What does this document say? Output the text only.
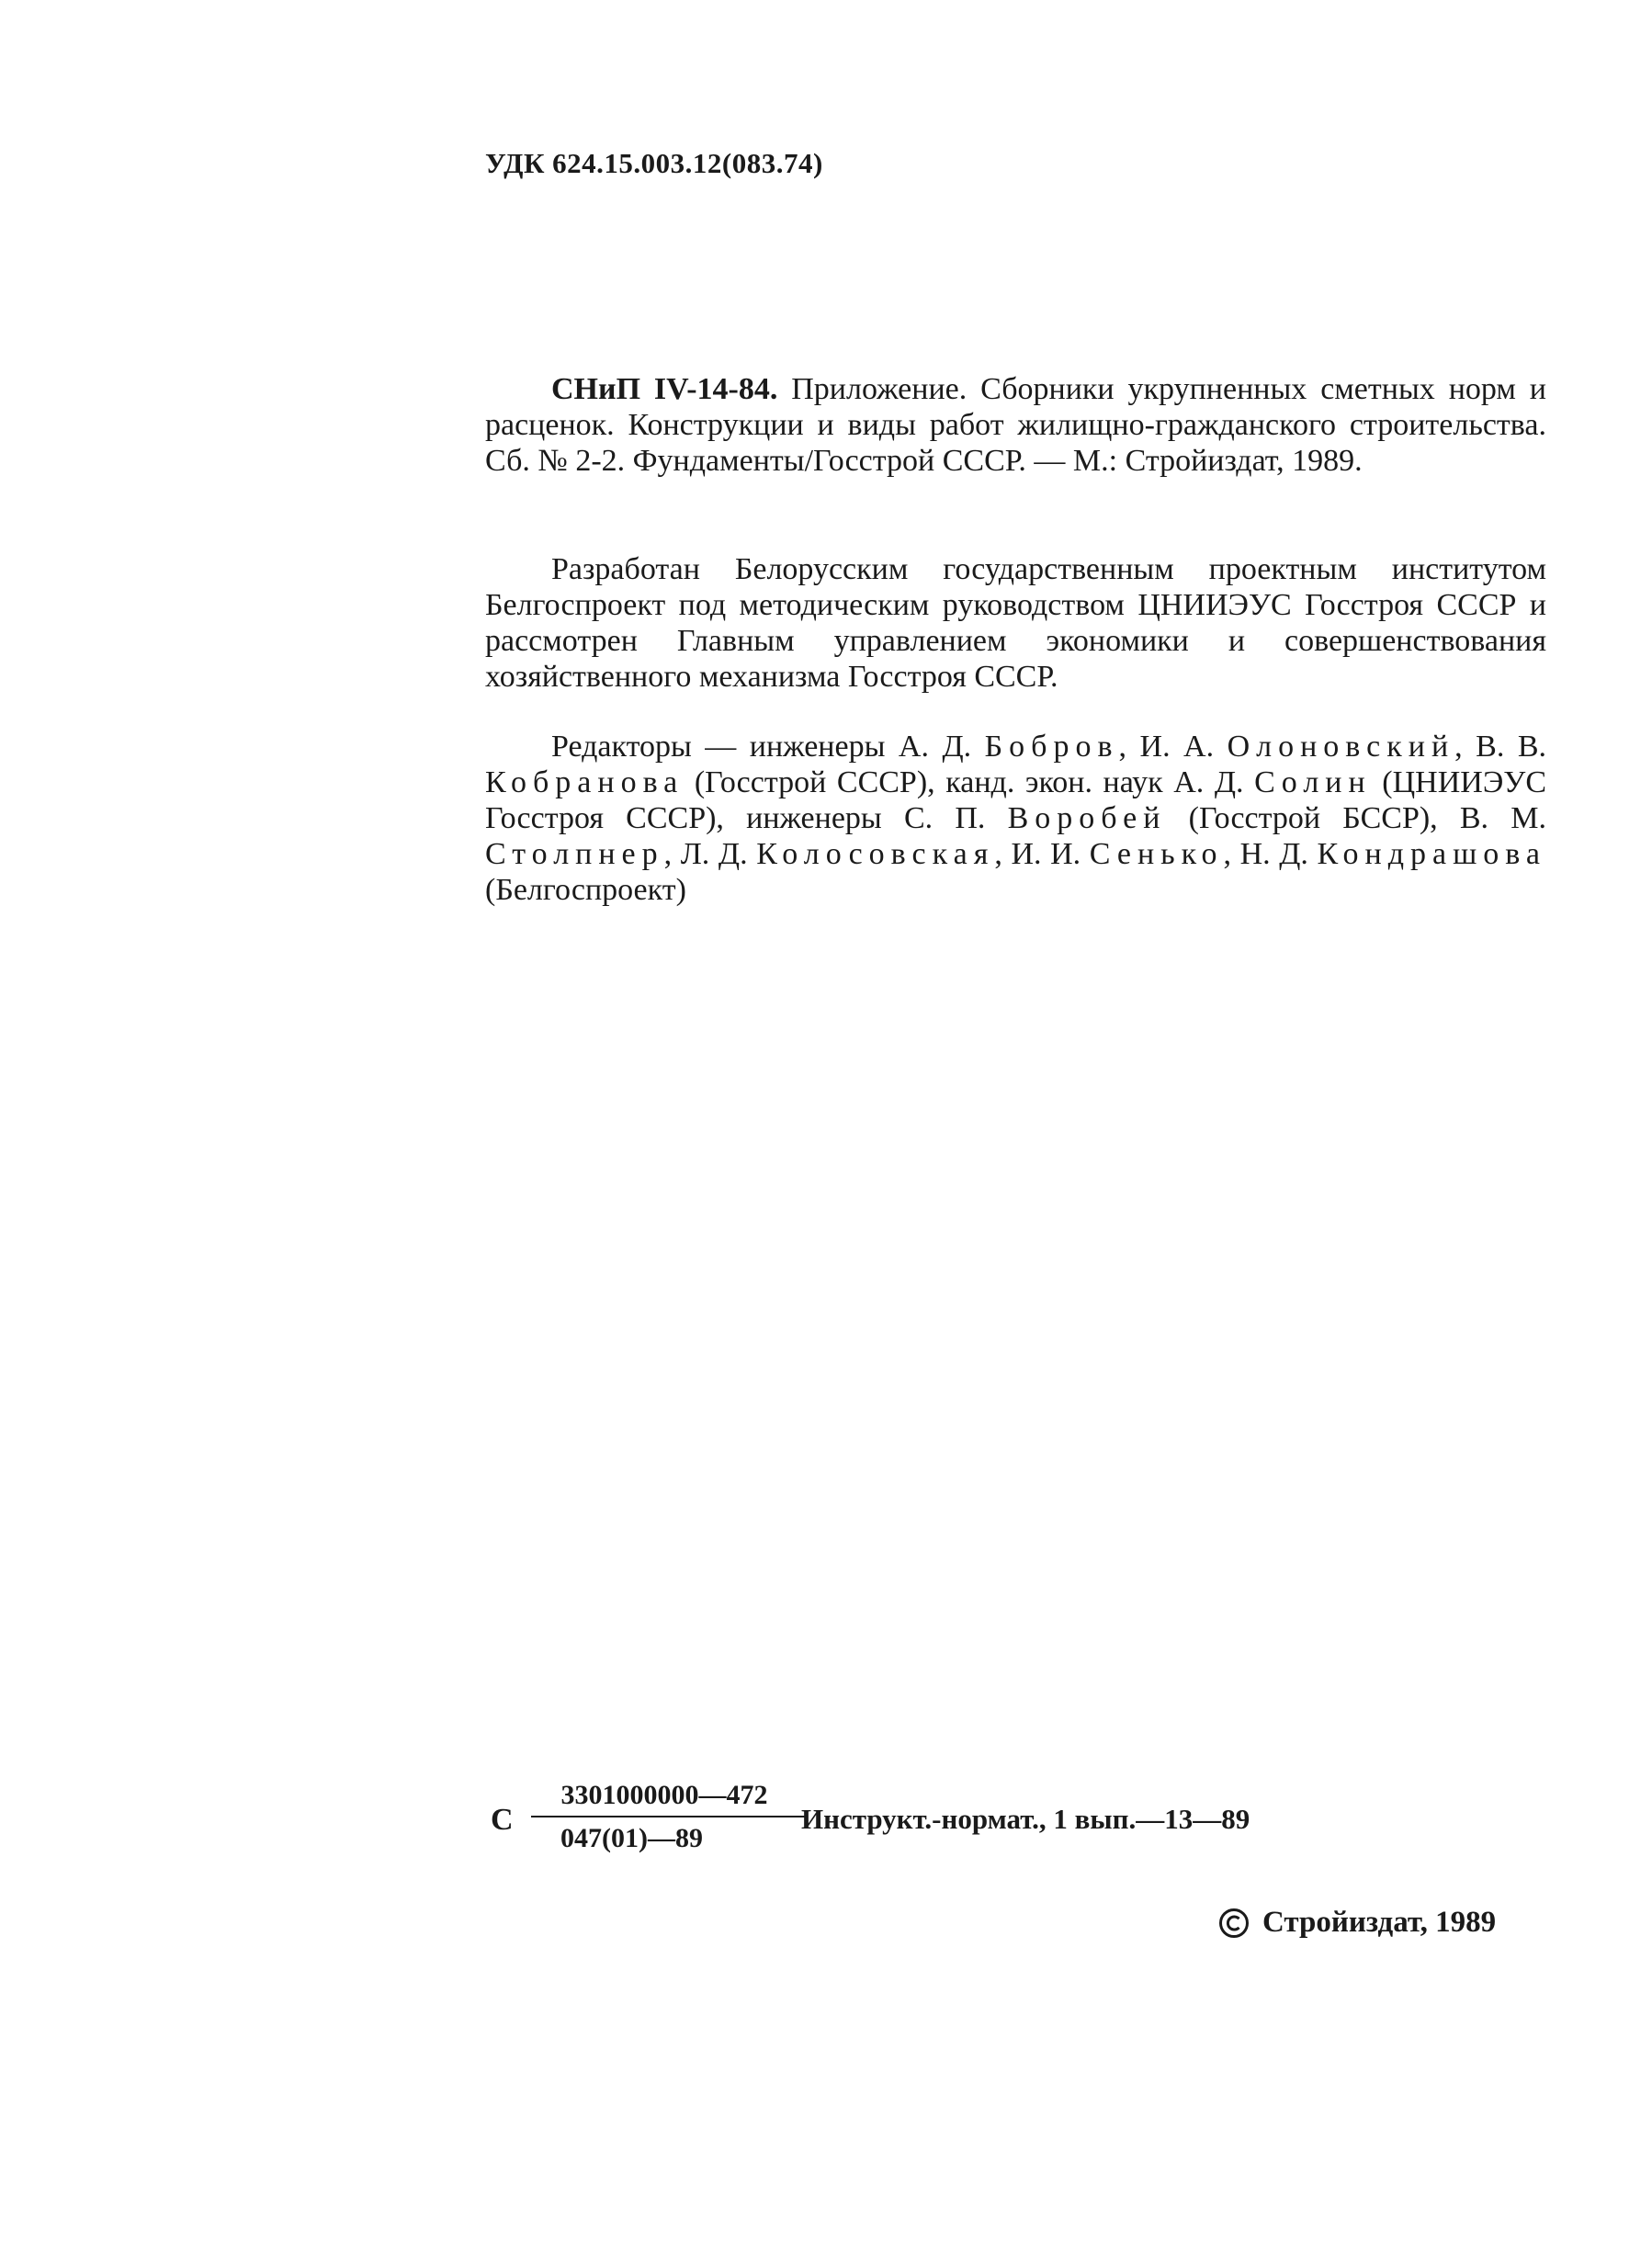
УДК 624.15.003.12(083.74)
СНиП IV-14-84. Приложение. Сборники укрупненных сметных норм и расценок. Конструкции и виды работ жилищно-гражданского строительства. Сб. № 2-2. Фундаменты/Госстрой СССР. — М.: Стройиздат, 1989.
Разработан Белорусским государственным проектным институтом Белгоспроект под методическим руководством ЦНИИЭУС Госстроя СССР и рассмотрен Главным управлением экономики и совершенствования хозяйственного механизма Госстроя СССР.
Редакторы — инженеры А. Д. Бобров, И. А. Олоновский, В. В. Кобранова (Госстрой СССР), канд. экон. наук А. Д. Солин (ЦНИИЭУС Госстроя СССР), инженеры С. П. Воробей (Госстрой БССР), В. М. Столпнер, Л. Д. Колосовская, И. И. Сенько, Н. Д. Кондрашова (Белгоспроект)
С
3301000000—472
047(01)—89
Инструкт.-нормат., 1 вып.—13—89
Стройиздат, 1989
